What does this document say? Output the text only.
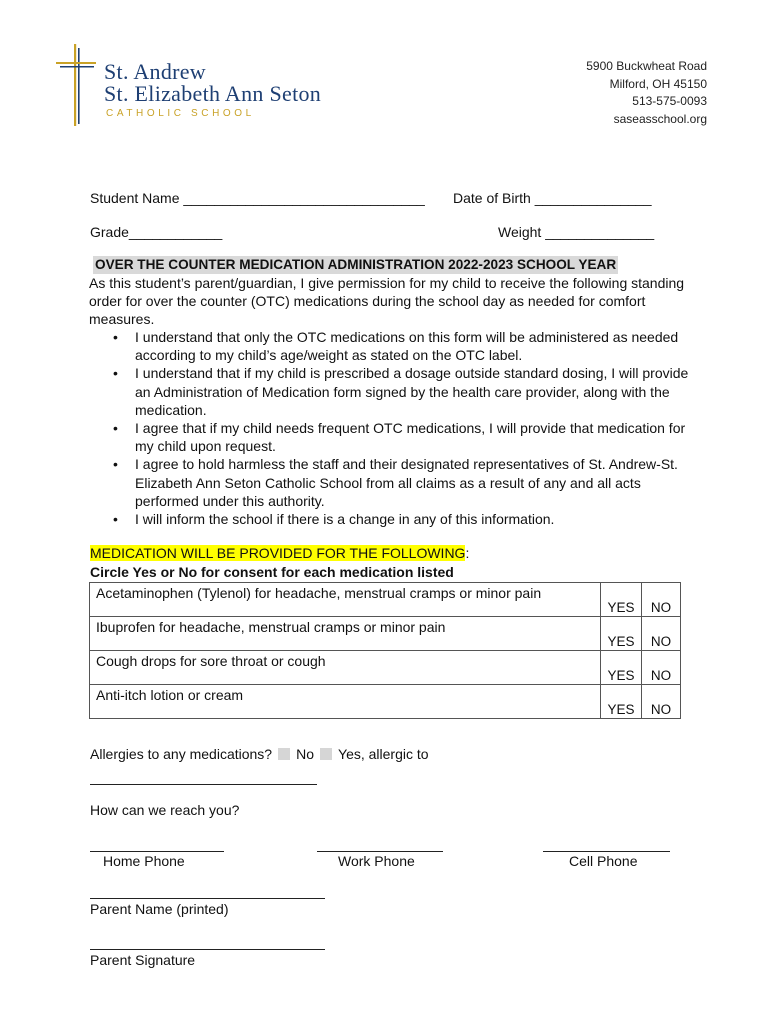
St. Andrew
St. Elizabeth Ann Seton
CATHOLIC SCHOOL
5900 Buckwheat Road
Milford, OH 45150
513-575-0093
saseasschool.org
Student Name _______________________________ Date of Birth _______________
Grade____________	Weight ______________
OVER THE COUNTER MEDICATION ADMINISTRATION 2022-2023 SCHOOL YEAR
As this student’s parent/guardian, I give permission for my child to receive the following standing order for over the counter (OTC) medications during the school day as needed for comfort measures.
• I understand that only the OTC medications on this form will be administered as needed according to my child’s age/weight as stated on the OTC label.
• I understand that if my child is prescribed a dosage outside standard dosing, I will provide an Administration of Medication form signed by the health care provider, along with the medication.
• I agree that if my child needs frequent OTC medications, I will provide that medication for my child upon request.
• I agree to hold harmless the staff and their designated representatives of St. Andrew-St. Elizabeth Ann Seton Catholic School from all claims as a result of any and all acts performed under this authority.
• I will inform the school if there is a change in any of this information.
MEDICATION WILL BE PROVIDED FOR THE FOLLOWING:
Circle Yes or No for consent for each medication listed
Acetaminophen (Tylenol) for headache, menstrual cramps or minor pain	YES	NO
Ibuprofen for headache, menstrual cramps or minor pain	YES	NO
Cough drops for sore throat or cough	YES	NO
Anti-itch lotion or cream	YES	NO
Allergies to any medications? No Yes, allergic to
How can we reach you?
Home Phone	Work Phone	Cell Phone
Parent Name (printed)
Parent Signature
